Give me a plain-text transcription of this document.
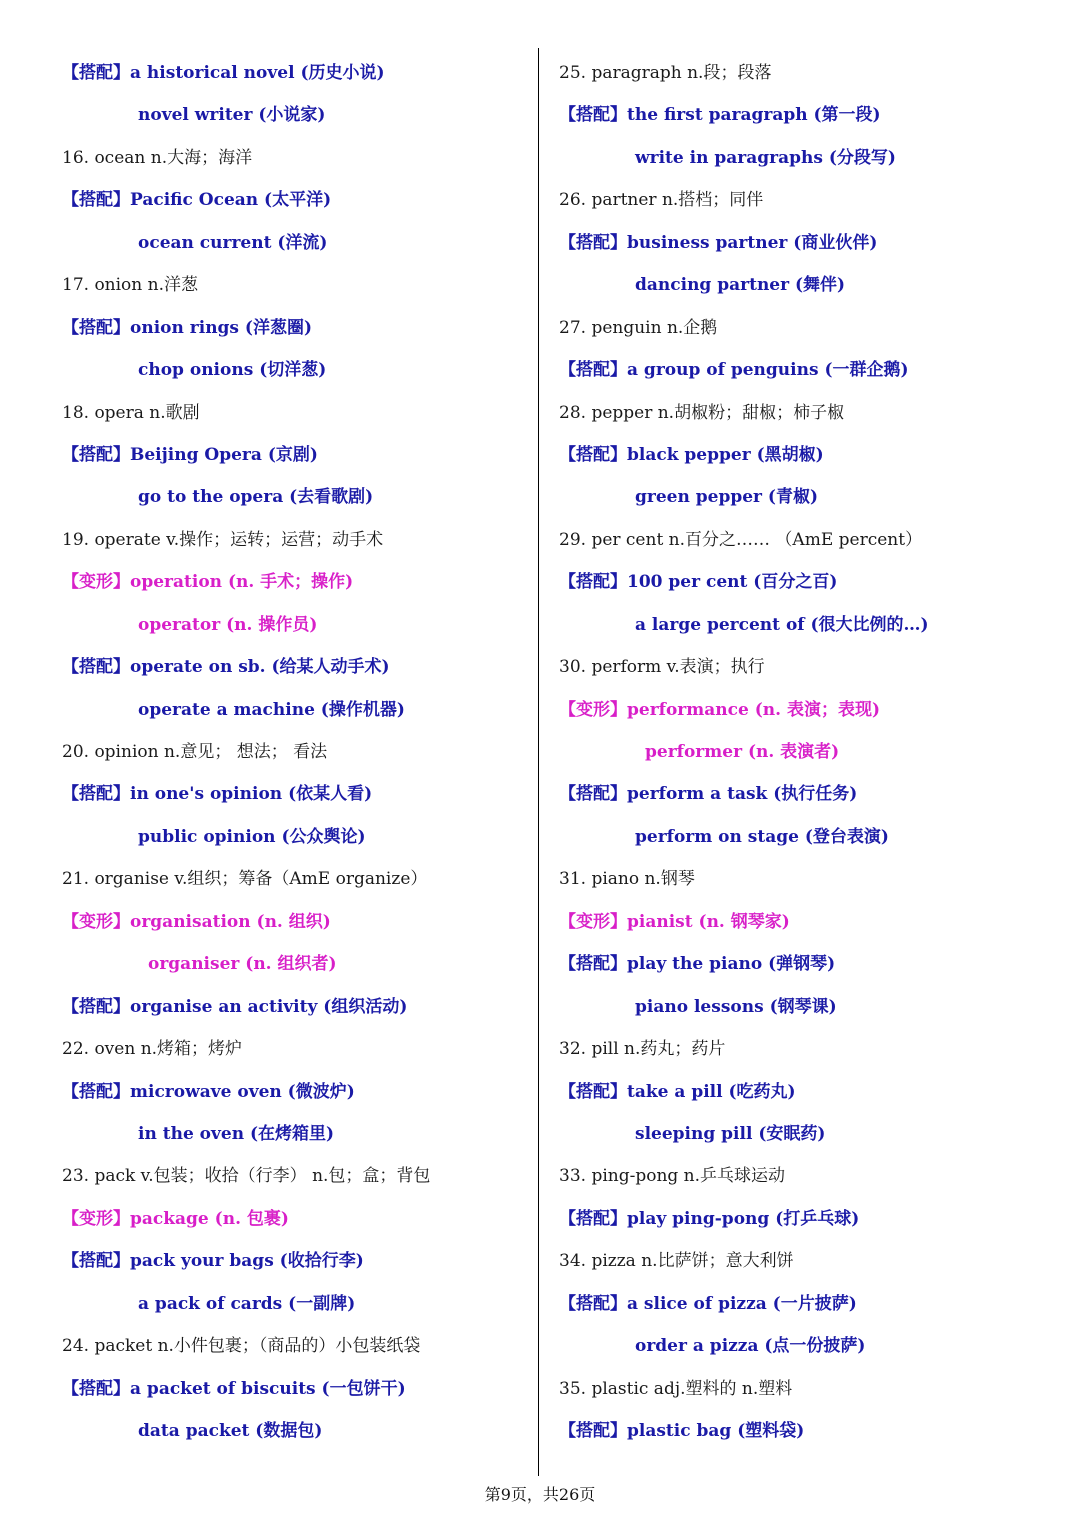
【搭配】a historical novel (历史小说)
novel writer (小说家)
16. ocean n.大海；海洋
【搭配】Pacific Ocean (太平洋)
ocean current (洋流)
17. onion n.洋葱
【搭配】onion rings (洋葱圈)
chop onions (切洋葱)
18. opera n.歌剧
【搭配】Beijing Opera (京剧)
go to the opera (去看歌剧)
19. operate v.操作；运转；运营；动手术
【变形】operation (n. 手术；操作)
operator (n. 操作员)
【搭配】operate on sb. (给某人动手术)
operate a machine (操作机器)
20. opinion n.意见； 想法； 看法
【搭配】in one's opinion (依某人看)
public opinion (公众舆论)
21. organise v.组织；筹备（AmE organize）
【变形】organisation (n. 组织)
organiser (n. 组织者)
【搭配】organise an activity (组织活动)
22. oven n.烤箱；烤炉
【搭配】microwave oven (微波炉)
in the oven (在烤箱里)
23. pack v.包装；收拾（行李） n.包；盒；背包
【变形】package (n. 包裹)
【搭配】pack your bags (收拾行李)
a pack of cards (一副牌)
24. packet n.小件包裹；（商品的）小包装纸袋
【搭配】a packet of biscuits (一包饼干)
data packet (数据包)
25. paragraph n.段；段落
【搭配】the first paragraph (第一段)
write in paragraphs (分段写)
26. partner n.搭档；同伴
【搭配】business partner (商业伙伴)
dancing partner (舞伴)
27. penguin n.企鹅
【搭配】a group of penguins (一群企鹅)
28. pepper n.胡椒粉；甜椒；柿子椒
【搭配】black pepper (黑胡椒)
green pepper (青椒)
29. per cent n.百分之…… （AmE percent）
【搭配】100 per cent (百分之百)
a large percent of (很大比例的…)
30. perform v.表演；执行
【变形】performance (n. 表演；表现)
performer (n. 表演者)
【搭配】perform a task (执行任务)
perform on stage (登台表演)
31. piano n.钢琴
【变形】pianist (n. 钢琴家)
【搭配】play the piano (弹钢琴)
piano lessons (钢琴课)
32. pill n.药丸；药片
【搭配】take a pill (吃药丸)
sleeping pill (安眠药)
33. ping-pong n.乒乓球运动
【搭配】play ping-pong (打乒乓球)
34. pizza n.比萨饼；意大利饼
【搭配】a slice of pizza (一片披萨)
order a pizza (点一份披萨)
35. plastic adj.塑料的 n.塑料
【搭配】plastic bag (塑料袋)
第9页，共26页
